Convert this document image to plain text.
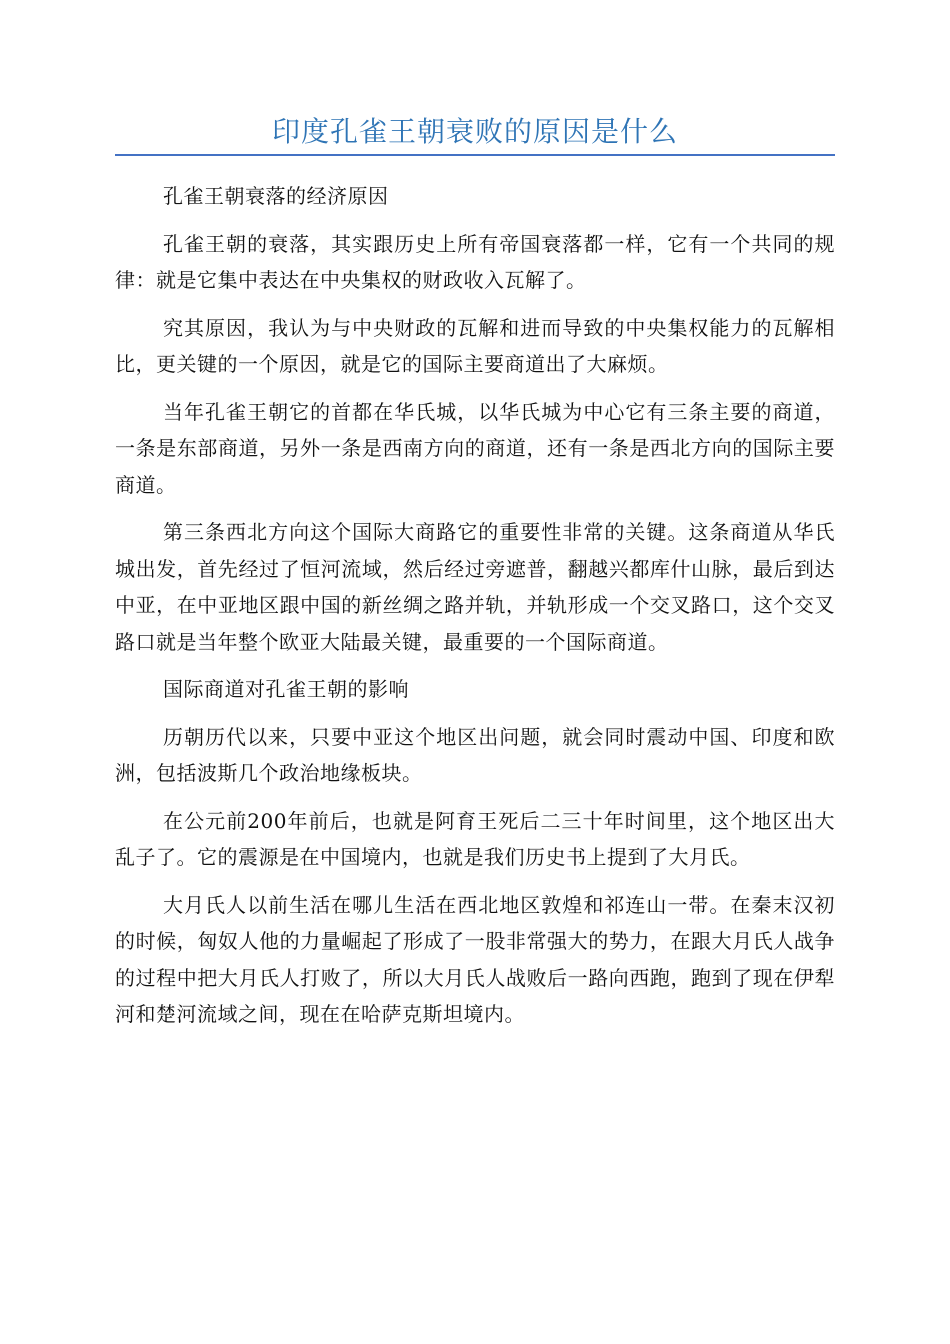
印度孔雀王朝衰败的原因是什么

孔雀王朝衰落的经济原因

孔雀王朝的衰落，其实跟历史上所有帝国衰落都一样，它有一个共同的规律：就是它集中表达在中央集权的财政收入瓦解了。

究其原因，我认为与中央财政的瓦解和进而导致的中央集权能力的瓦解相比，更关键的一个原因，就是它的国际主要商道出了大麻烦。

当年孔雀王朝它的首都在华氏城，以华氏城为中心它有三条主要的商道，一条是东部商道，另外一条是西南方向的商道，还有一条是西北方向的国际主要商道。

第三条西北方向这个国际大商路它的重要性非常的关键。这条商道从华氏城出发，首先经过了恒河流域，然后经过旁遮普，翻越兴都库什山脉，最后到达中亚，在中亚地区跟中国的新丝绸之路并轨，并轨形成一个交叉路口，这个交叉路口就是当年整个欧亚大陆最关键，最重要的一个国际商道。

国际商道对孔雀王朝的影响

历朝历代以来，只要中亚这个地区出问题，就会同时震动中国、印度和欧洲，包括波斯几个政治地缘板块。

在公元前200年前后，也就是阿育王死后二三十年时间里，这个地区出大乱子了。它的震源是在中国境内，也就是我们历史书上提到了大月氏。

大月氏人以前生活在哪儿生活在西北地区敦煌和祁连山一带。在秦末汉初的时候，匈奴人他的力量崛起了形成了一股非常强大的势力，在跟大月氏人战争的过程中把大月氏人打败了，所以大月氏人战败后一路向西跑，跑到了现在伊犁河和楚河流域之间，现在在哈萨克斯坦境内。
